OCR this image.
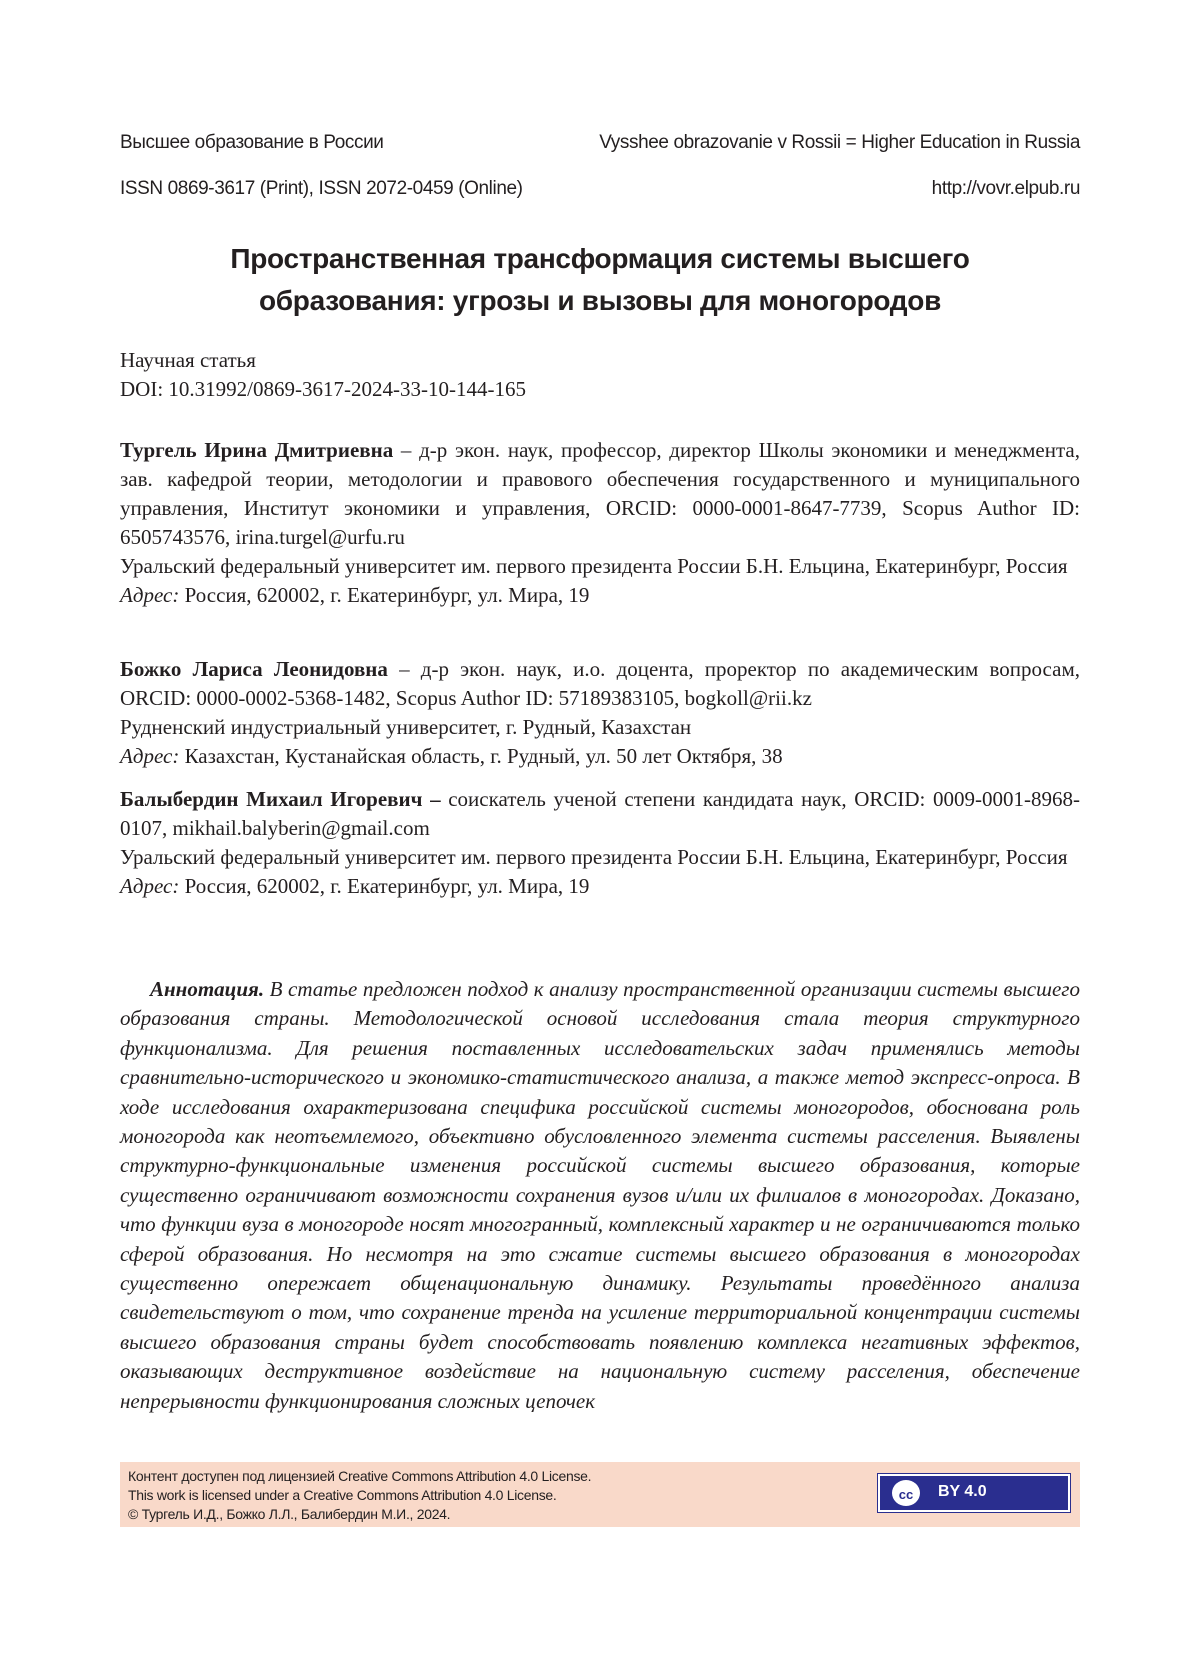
Высшее образование в России	Vysshee obrazovanie v Rossii = Higher Education in Russia
ISSN 0869-3617 (Print), ISSN 2072-0459 (Online)	http://vovr.elpub.ru
Пространственная трансформация системы высшего
образования: угрозы и вызовы для моногородов

Научная статья

DOI: 10.31992/0869-3617-2024-33-10-144-165

Тургель Ирина Дмитриевна – д-р экон. наук, профессор, директор Школы экономики и менеджмента, зав. кафедрой теории, методологии и правового обеспечения государственного и муниципального управления, Институт экономики и управления, ORCID: 0000-0001-8647-7739, Scopus Author ID: 6505743576, irina.turgel@urfu.ru

Уральский федеральный университет им. первого президента России Б.Н. Ельцина, Екатеринбург, Россия

Адрес: Россия, 620002, г. Екатеринбург, ул. Мира, 19

Божко Лариса Леонидовна – д-р экон. наук, и.о. доцента, проректор по академическим вопросам, ORCID: 0000-0002-5368-1482, Scopus Author ID: 57189383105, bogkoll@rii.kz

Рудненский индустриальный университет, г. Рудный, Казахстан

Адрес: Казахстан, Кустанайская область, г. Рудный, ул. 50 лет Октября, 38

Балыбердин Михаил Игоревич – соискатель ученой степени кандидата наук, ORCID: 0009-0001-8968-0107, mikhail.balyberin@gmail.com

Уральский федеральный университет им. первого президента России Б.Н. Ельцина, Екатеринбург, Россия

Адрес: Россия, 620002, г. Екатеринбург, ул. Мира, 19

Аннотация. В статье предложен подход к анализу пространственной организации системы высшего образования страны. Методологической основой исследования стала теория структурного функционализма. Для решения поставленных исследовательских задач применялись методы сравнительно-исторического и экономико-статистического анализа, а также метод экспресс-опроса. В ходе исследования охарактеризована специфика российской системы моногородов, обоснована роль моногорода как неотъемлемого, объективно обусловленного элемента системы расселения. Выявлены структурно-функциональные изменения российской системы высшего образования, которые существенно ограничивают возможности сохранения вузов и/или их филиалов в моногородах. Доказано, что функции вуза в моногороде носят многогранный, комплексный характер и не ограничиваются только сферой образования. Но несмотря на это сжатие системы высшего образования в моногородах существенно опережает общенациональную динамику. Результаты проведённого анализа свидетельствуют о том, что сохранение тренда на усиление территориальной концентрации системы высшего образования страны будет способствовать появлению комплекса негативных эффектов, оказывающих деструктивное воздействие на национальную систему расселения, обеспечение непрерывности функционирования сложных цепочек

Контент доступен под лицензией Creative Commons Attribution 4.0 License.
This work is licensed under a Creative Commons Attribution 4.0 License.
© Тургель И.Д., Божко Л.Л., Балибердин М.И., 2024.
cc	BY 4.0
